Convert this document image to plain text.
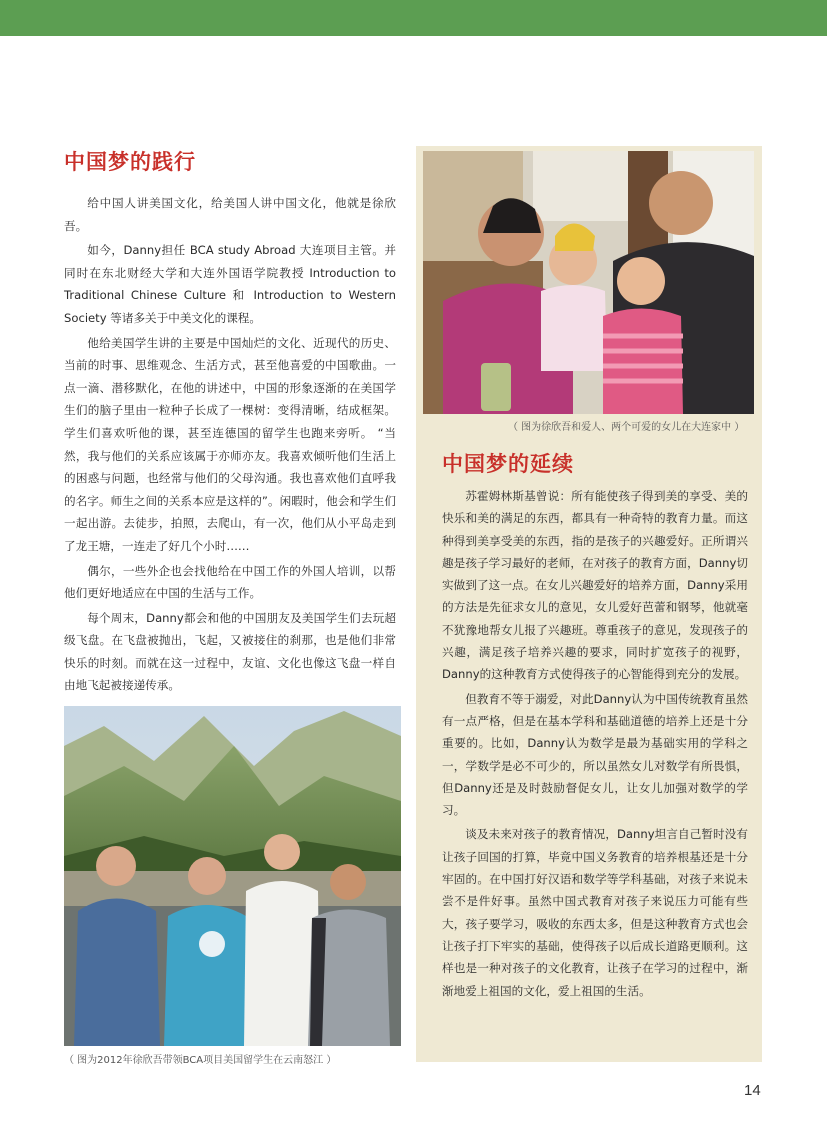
中国梦的践行

给中国人讲美国文化，给美国人讲中国文化，他就是徐欣吾。

如今，Danny担任 BCA study Abroad 大连项目主管。并同时在东北财经大学和大连外国语学院教授 Introduction to Traditional Chinese Culture 和 Introduction to Western Society 等诸多关于中美文化的课程。

他给美国学生讲的主要是中国灿烂的文化、近现代的历史、当前的时事、思维观念、生活方式，甚至他喜爱的中国歌曲。一点一滴、潜移默化，在他的讲述中，中国的形象逐渐的在美国学生们的脑子里由一粒种子长成了一棵树：变得清晰，结成框架。学生们喜欢听他的课，甚至连德国的留学生也跑来旁听。 “当然，我与他们的关系应该属于亦师亦友。我喜欢倾听他们生活上的困惑与问题，也经常与他们的父母沟通。我也喜欢他们直呼我的名字。师生之间的关系本应是这样的”。闲暇时，他会和学生们一起出游。去徒步，拍照，去爬山，有一次，他们从小平岛走到了龙王塘，一连走了好几个小时……

偶尔，一些外企也会找他给在中国工作的外国人培训，以帮他们更好地适应在中国的生活与工作。

每个周末，Danny都会和他的中国朋友及美国学生们去玩超级飞盘。在飞盘被抛出，飞起，又被接住的刹那，也是他们非常快乐的时刻。而就在这一过程中，友谊、文化也像这飞盘一样自由地飞起被接递传承。

（ 图为2012年徐欣吾带领BCA项目美国留学生在云南怒江 ）
（ 图为徐欣吾和爱人、两个可爱的女儿在大连家中 ）
中国梦的延续

苏霍姆林斯基曾说：所有能使孩子得到美的享受、美的快乐和美的满足的东西，都具有一种奇特的教育力量。而这种得到美享受美的东西，指的是孩子的兴趣爱好。正所谓兴趣是孩子学习最好的老师，在对孩子的教育方面，Danny切实做到了这一点。在女儿兴趣爱好的培养方面，Danny采用的方法是先征求女儿的意见，女儿爱好芭蕾和钢琴，他就毫不犹豫地帮女儿报了兴趣班。尊重孩子的意见，发现孩子的兴趣，满足孩子培养兴趣的要求，同时扩宽孩子的视野，Danny的这种教育方式使得孩子的心智能得到充分的发展。

但教育不等于溺爱，对此Danny认为中国传统教育虽然有一点严格，但是在基本学科和基础道德的培养上还是十分重要的。比如，Danny认为数学是最为基础实用的学科之一，学数学是必不可少的，所以虽然女儿对数学有所畏惧，但Danny还是及时鼓励督促女儿，让女儿加强对数学的学习。

谈及未来对孩子的教育情况，Danny坦言自己暂时没有让孩子回国的打算，毕竟中国义务教育的培养根基还是十分牢固的。在中国打好汉语和数学等学科基础，对孩子来说未尝不是件好事。虽然中国式教育对孩子来说压力可能有些大，孩子要学习，吸收的东西太多，但是这种教育方式也会让孩子打下牢实的基础，使得孩子以后成长道路更顺利。这样也是一种对孩子的文化教育，让孩子在学习的过程中，渐渐地爱上祖国的文化，爱上祖国的生活。

14
